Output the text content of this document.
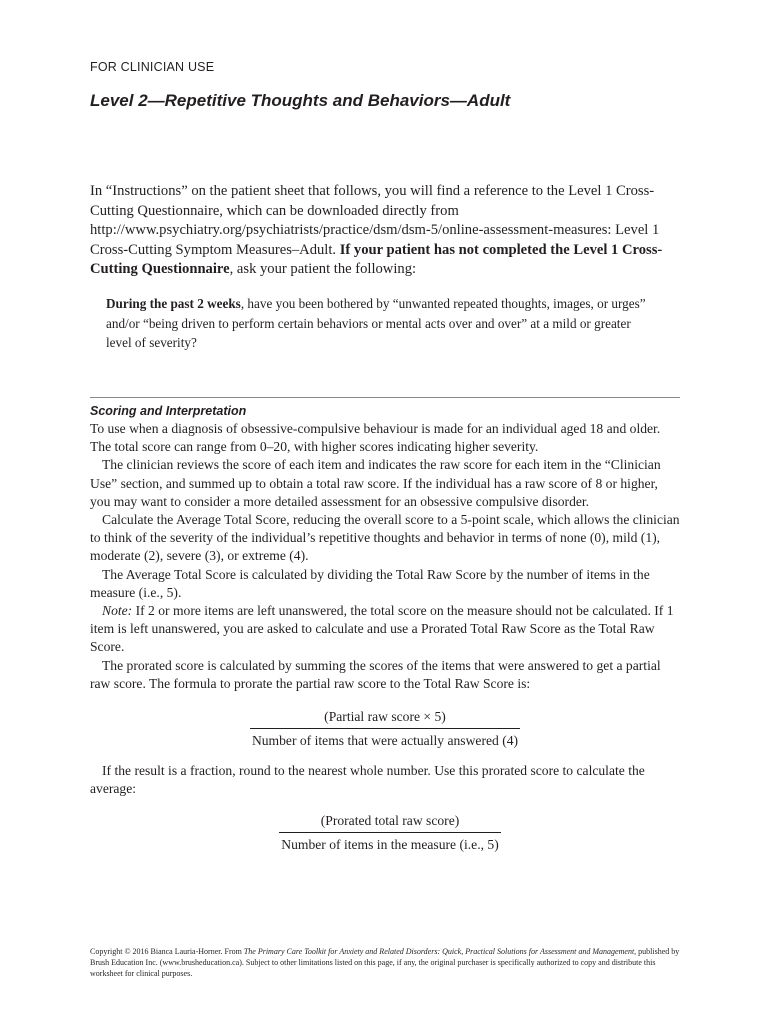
FOR CLINICIAN USE
Level 2—Repetitive Thoughts and Behaviors—Adult
In “Instructions” on the patient sheet that follows, you will find a reference to the Level 1 Cross-Cutting Questionnaire, which can be downloaded directly from http://www.psychiatry.org/psychiatrists/practice/dsm/dsm-5/online-assessment-measures: Level 1 Cross-Cutting Symptom Measures–Adult. If your patient has not completed the Level 1 Cross-Cutting Questionnaire, ask your patient the following:
During the past 2 weeks, have you been bothered by “unwanted repeated thoughts, images, or urges” and/or “being driven to perform certain behaviors or mental acts over and over” at a mild or greater level of severity?
Scoring and Interpretation

To use when a diagnosis of obsessive-compulsive behaviour is made for an individual aged 18 and older. The total score can range from 0–20, with higher scores indicating higher severity.

The clinician reviews the score of each item and indicates the raw score for each item in the “Clinician Use” section, and summed up to obtain a total raw score. If the individual has a raw score of 8 or higher, you may want to consider a more detailed assessment for an obsessive compulsive disorder.

Calculate the Average Total Score, reducing the overall score to a 5-point scale, which allows the clinician to think of the severity of the individual’s repetitive thoughts and behavior in terms of none (0), mild (1), moderate (2), severe (3), or extreme (4).

The Average Total Score is calculated by dividing the Total Raw Score by the number of items in the measure (i.e., 5).

Note: If 2 or more items are left unanswered, the total score on the measure should not be calculated. If 1 item is left unanswered, you are asked to calculate and use a Prorated Total Raw Score as the Total Raw Score.

The prorated score is calculated by summing the scores of the items that were answered to get a partial raw score. The formula to prorate the partial raw score to the Total Raw Score is:

(Partial raw score × 5)
Number of items that were actually answered (4)

If the result is a fraction, round to the nearest whole number. Use this prorated score to calculate the average:

(Prorated total raw score)
Number of items in the measure (i.e., 5)
Copyright © 2016 Bianca Lauria-Horner. From The Primary Care Toolkit for Anxiety and Related Disorders: Quick, Practical Solutions for Assessment and Management, published by Brush Education Inc. (www.brusheducation.ca). Subject to other limitations listed on this page, if any, the original purchaser is specifically authorized to copy and distribute this worksheet for clinical purposes.
